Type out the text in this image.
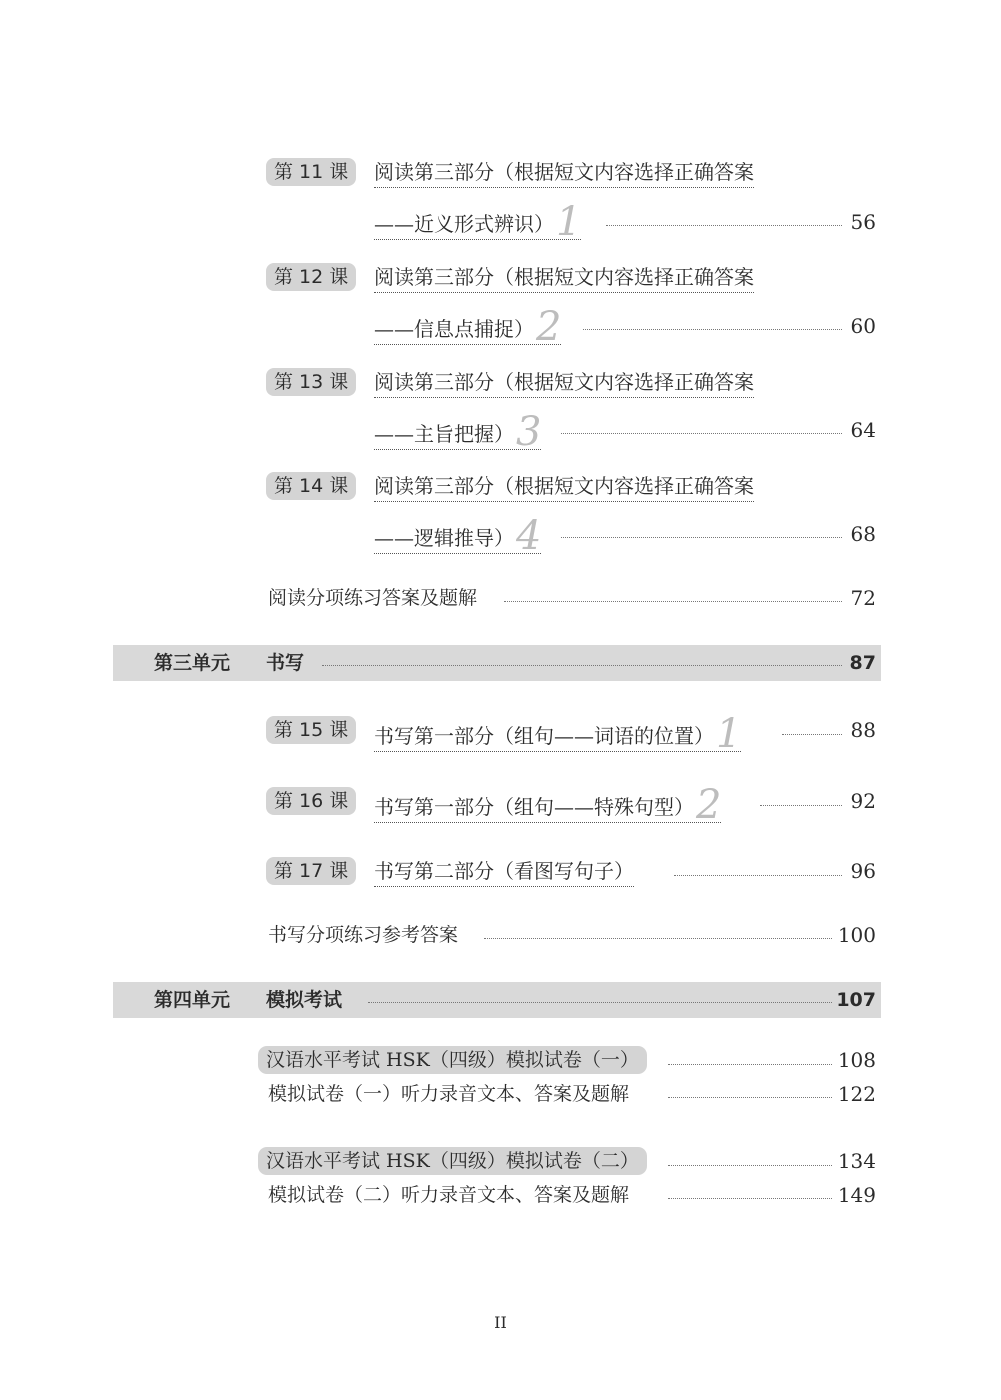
第 11 课	阅读第三部分（根据短文内容选择正确答案
——近义形式辨识）1	56
第 12 课	阅读第三部分（根据短文内容选择正确答案
——信息点捕捉）2	60
第 13 课	阅读第三部分（根据短文内容选择正确答案
——主旨把握）3	64
第 14 课	阅读第三部分（根据短文内容选择正确答案
——逻辑推导）4	68
阅读分项练习答案及题解	72
第三单元 书写	87
第 15 课	书写第一部分（组句——词语的位置）1	88
第 16 课	书写第一部分（组句——特殊句型）2	92
第 17 课	书写第二部分（看图写句子）	96
书写分项练习参考答案	100
第四单元 模拟考试	107
汉语水平考试 HSK（四级）模拟试卷（一）	108
模拟试卷（一）听力录音文本、答案及题解	122
汉语水平考试 HSK（四级）模拟试卷（二）	134
模拟试卷（二）听力录音文本、答案及题解	149
II
